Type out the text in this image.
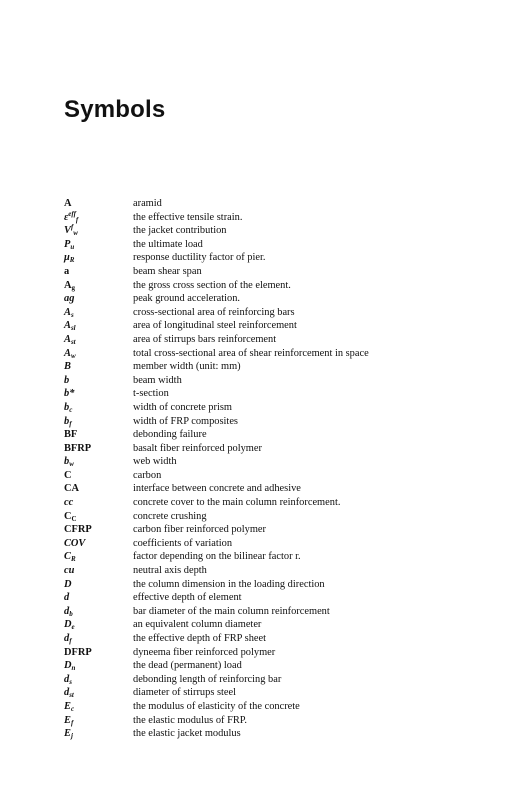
Symbols
A	aramid
$\varepsilon^{eff}_f$	the effective tensile strain.
$V^f_w$	the jacket contribution
$P_u$	the ultimate load
$\mu_R$	response ductility factor of pier.
a	beam shear span
$A_g$	the gross cross section of the element.
ag	peak ground acceleration.
$A_s$	cross-sectional area of reinforcing bars
$A_{sl}$	area of longitudinal steel reinforcement
$A_{st}$	area of stirrups bars reinforcement
$A_w$	total cross-sectional area of shear reinforcement in space
B	member width (unit: mm)
b	beam width
b*	t-section
$b_c$	width of concrete prism
$b_f$	width of FRP composites
BF	debonding failure
BFRP	basalt fiber reinforced polymer
$b_w$	web width
C	carbon
CA	interface between concrete and adhesive
cc	concrete cover to the main column reinforcement.
$C_C$	concrete crushing
CFRP	carbon fiber reinforced polymer
COV	coefficients of variation
$C_R$	factor depending on the bilinear factor r.
cu	neutral axis depth
D	the column dimension in the loading direction
d	effective depth of element
$d_b$	bar diameter of the main column reinforcement
$D_e$	an equivalent column diameter
$d_f$	the effective depth of FRP sheet
DFRP	dyneema fiber reinforced polymer
$D_n$	the dead (permanent) load
$d_s$	debonding length of reinforcing bar
$d_{st}$	diameter of stirrups steel
$E_c$	the modulus of elasticity of the concrete
$E_f$	the elastic modulus of FRP.
$E_j$	the elastic jacket modulus
